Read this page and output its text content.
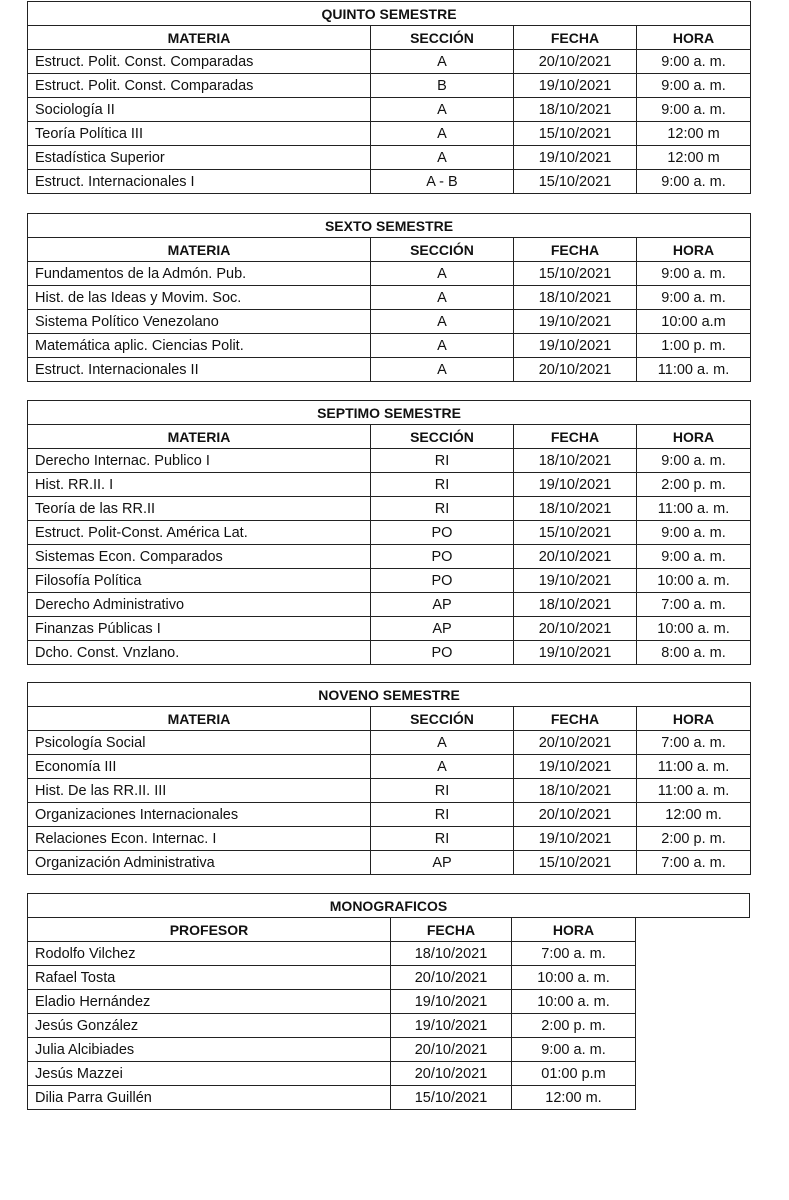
QUINTO SEMESTRE			
MATERIA	SECCIÓN	FECHA	HORA
Estruct. Polit. Const. Comparadas	A	20/10/2021	9:00 a. m.
Estruct. Polit. Const. Comparadas	B	19/10/2021	9:00 a. m.
Sociología II	A	18/10/2021	9:00 a. m.
Teoría Política III	A	15/10/2021	12:00 m
Estadística Superior	A	19/10/2021	12:00 m
Estruct. Internacionales I	A - B	15/10/2021	9:00 a. m.
SEXTO SEMESTRE			
MATERIA	SECCIÓN	FECHA	HORA
Fundamentos de la Admón. Pub.	A	15/10/2021	9:00 a. m.
Hist. de las Ideas y Movim. Soc.	A	18/10/2021	9:00 a. m.
Sistema Político Venezolano	A	19/10/2021	10:00 a.m
Matemática aplic. Ciencias Polit.	A	19/10/2021	1:00 p. m.
Estruct. Internacionales II	A	20/10/2021	11:00 a. m.
SEPTIMO SEMESTRE			
MATERIA	SECCIÓN	FECHA	HORA
Derecho Internac. Publico I	RI	18/10/2021	9:00 a. m.
Hist. RR.II. I	RI	19/10/2021	2:00 p. m.
Teoría de las RR.II	RI	18/10/2021	11:00 a. m.
Estruct. Polit-Const. América Lat.	PO	15/10/2021	9:00 a. m.
Sistemas Econ. Comparados	PO	20/10/2021	9:00 a. m.
Filosofía Política	PO	19/10/2021	10:00 a. m.
Derecho Administrativo	AP	18/10/2021	7:00 a. m.
Finanzas Públicas I	AP	20/10/2021	10:00 a. m.
Dcho. Const. Vnzlano.	PO	19/10/2021	8:00 a. m.
NOVENO SEMESTRE			
MATERIA	SECCIÓN	FECHA	HORA
Psicología Social	A	20/10/2021	7:00 a. m.
Economía III	A	19/10/2021	11:00 a. m.
Hist. De las RR.II. III	RI	18/10/2021	11:00 a. m.
Organizaciones Internacionales	RI	20/10/2021	12:00 m.
Relaciones Econ. Internac. I	RI	19/10/2021	2:00 p. m.
Organización Administrativa	AP	15/10/2021	7:00 a. m.
MONOGRAFICOS
PROFESOR	FECHA	HORA
Rodolfo Vilchez	18/10/2021	7:00 a. m.
Rafael Tosta	20/10/2021	10:00 a. m.
Eladio Hernández	19/10/2021	10:00 a. m.
Jesús González	19/10/2021	2:00 p. m.
Julia Alcibiades	20/10/2021	9:00 a. m.
Jesús Mazzei	20/10/2021	01:00 p.m
Dilia Parra Guillén	15/10/2021	12:00 m.
